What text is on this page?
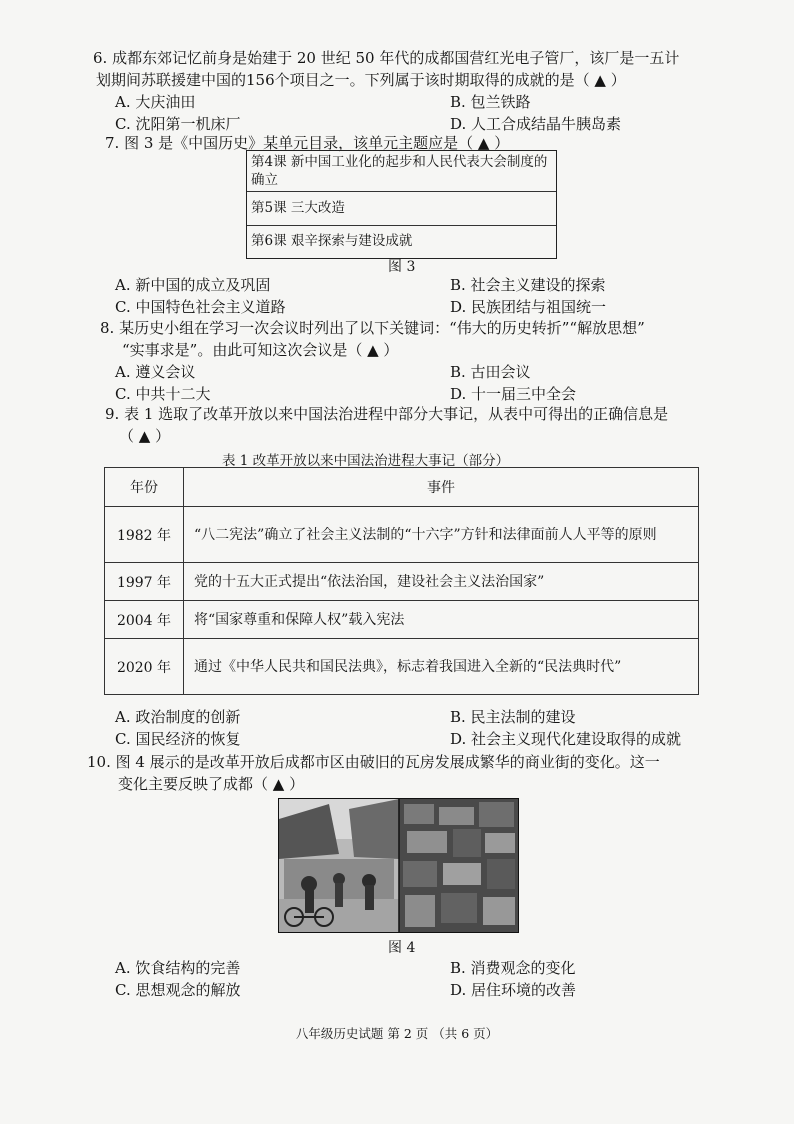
6. 成都东郊记忆前身是始建于 20 世纪 50 年代的成都国营红光电子管厂，该厂是一五计

划期间苏联援建中国的156个项目之一。下列属于该时期取得的成就的是（ ▲ ）

A. 大庆油田	B. 包兰铁路
C. 沈阳第一机床厂	D. 人工合成结晶牛胰岛素

7. 图 3 是《中国历史》某单元目录，该单元主题应是（ ▲ ）

第4课 新中国工业化的起步和人民代表大会制度的确立
第5课 三大改造
第6课 艰辛探索与建设成就
图 3
A. 新中国的成立及巩固	B. 社会主义建设的探索
C. 中国特色社会主义道路	D. 民族团结与祖国统一

8. 某历史小组在学习一次会议时列出了以下关键词：“伟大的历史转折”“解放思想”

“实事求是”。由此可知这次会议是（ ▲ ）

A. 遵义会议	B. 古田会议
C. 中共十二大	D. 十一届三中全会

9. 表 1 选取了改革开放以来中国法治进程中部分大事记，从表中可得出的正确信息是

（ ▲ ）

表 1 改革开放以来中国法治进程大事记（部分）
年份	事件
1982 年	“八二宪法”确立了社会主义法制的“十六字”方针和法律面前人人平等的原则
1997 年	党的十五大正式提出“依法治国，建设社会主义法治国家”
2004 年	将“国家尊重和保障人权”载入宪法
2020 年	通过《中华人民共和国民法典》，标志着我国进入全新的“民法典时代”
A. 政治制度的创新	B. 民主法制的建设
C. 国民经济的恢复	D. 社会主义现代化建设取得的成就

10. 图 4 展示的是改革开放后成都市区由破旧的瓦房发展成繁华的商业街的变化。这一

变化主要反映了成都（ ▲ ）

图 4
A. 饮食结构的完善	B. 消费观念的变化
C. 思想观念的解放	D. 居住环境的改善
八年级历史试题 第 2 页 （共 6 页）
